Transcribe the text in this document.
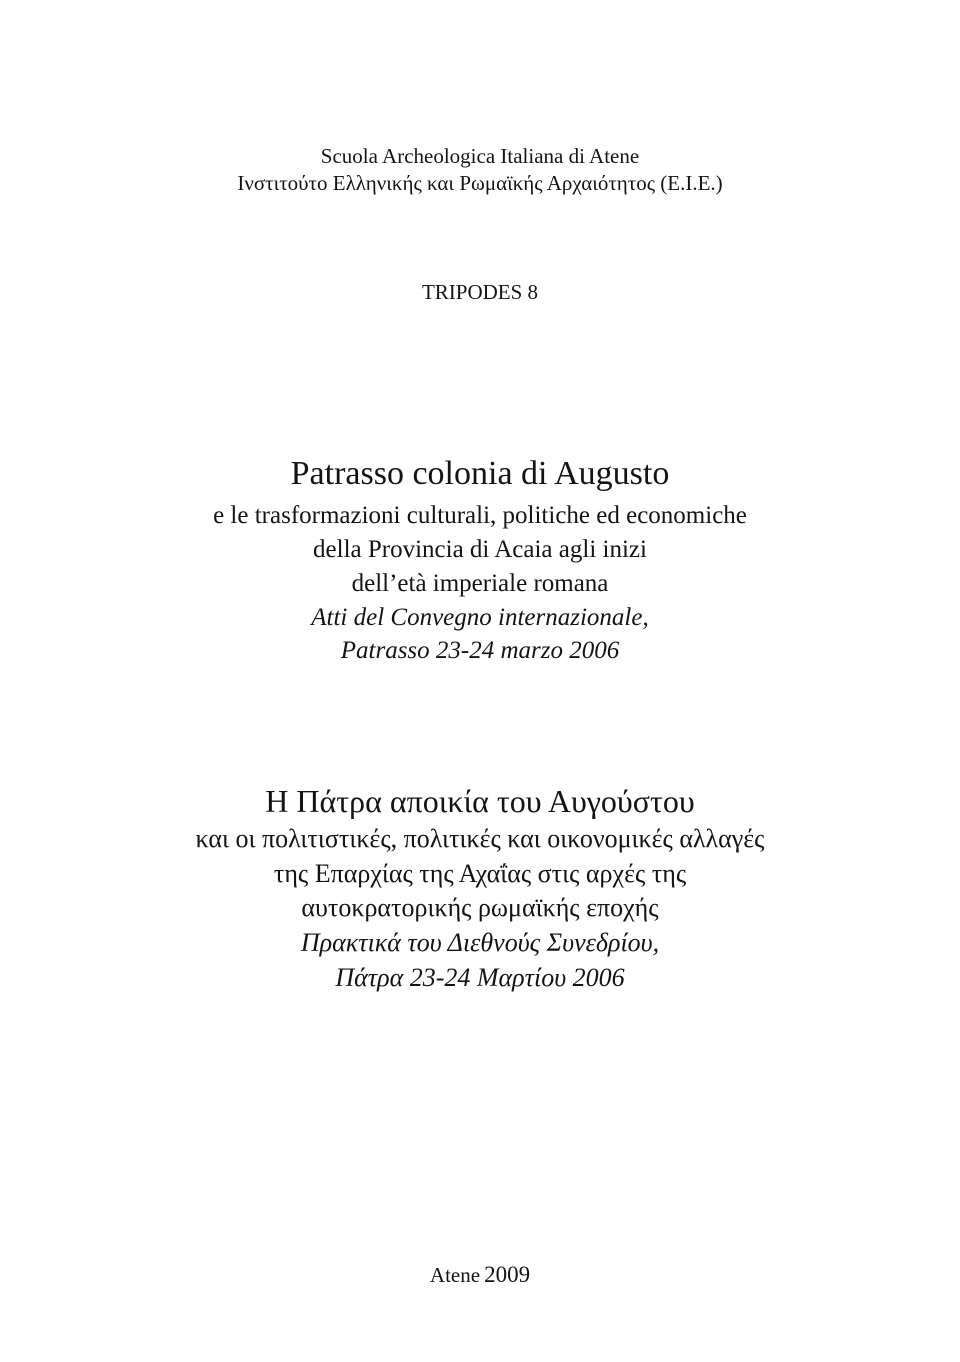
Scuola Archeologica Italiana di Atene
Ινστιτούτο Ελληνικής και Ρωμαϊκής Αρχαιότητος (Ε.Ι.Ε.)
TRIPODES 8
Patrasso colonia di Augusto
e le trasformazioni culturali, politiche ed economiche
della Provincia di Acaia agli inizi
dell’età imperiale romana
Atti del Convegno internazionale,
Patrasso 23-24 marzo 2006
Η Πάτρα αποικία του Αυγούστου
και οι πολιτιστικές, πολιτικές και οικονομικές αλλαγές
της Επαρχίας της Αχαΐας στις αρχές της
αυτοκρατορικής ρωμαϊκής εποχής
Πρακτικά του Διεθνούς Συνεδρίου,
Πάτρα 23-24 Μαρτίου 2006
Atene 2009
